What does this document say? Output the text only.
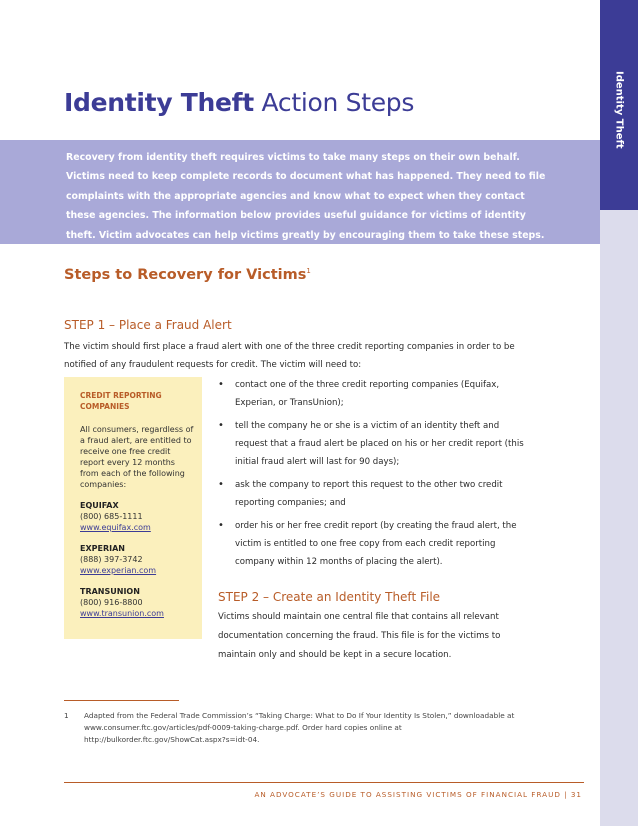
Identity Theft
Identity Theft Action Steps
Recovery from identity theft requires victims to take many steps on their own behalf. Victims need to keep complete records to document what has happened. They need to file complaints with the appropriate agencies and know what to expect when they contact these agencies. The information below provides useful guidance for victims of identity theft. Victim advocates can help victims greatly by encouraging them to take these steps.
Steps to Recovery for Victims$^1$
STEP 1 – Place a Fraud Alert

The victim should first place a fraud alert with one of the three credit reporting companies in order to be notified of any fraudulent requests for credit. The victim will need to:

CREDIT REPORTING COMPANIES

All consumers, regardless of a fraud alert, are entitled to receive one free credit report every 12 months from each of the following companies:

EQUIFAX

(800) 685-1111

www.equifax.com

EXPERIAN

(888) 397-3742

www.experian.com

TRANSUNION

(800) 916-8800

www.transunion.com

• contact one of the three credit reporting companies (Equifax, Experian, or TransUnion);
• tell the company he or she is a victim of an identity theft and request that a fraud alert be placed on his or her credit report (this initial fraud alert will last for 90 days);
• ask the company to report this request to the other two credit reporting companies; and
• order his or her free credit report (by creating the fraud alert, the victim is entitled to one free copy from each credit reporting company within 12 months of placing the alert).
STEP 2 – Create an Identity Theft File

Victims should maintain one central file that contains all relevant documentation concerning the fraud. This file is for the victims to maintain only and should be kept in a secure location.

1	Adapted from the Federal Trade Commission’s “Taking Charge: What to Do If Your Identity Is Stolen,” downloadable at www.consumer.ftc.gov/articles/pdf-0009-taking-charge.pdf. Order hard copies online at http://bulkorder.ftc.gov/ShowCat.aspx?s=idt-04.
AN ADVOCATE’S GUIDE TO ASSISTING VICTIMS OF FINANCIAL FRAUD | 31
